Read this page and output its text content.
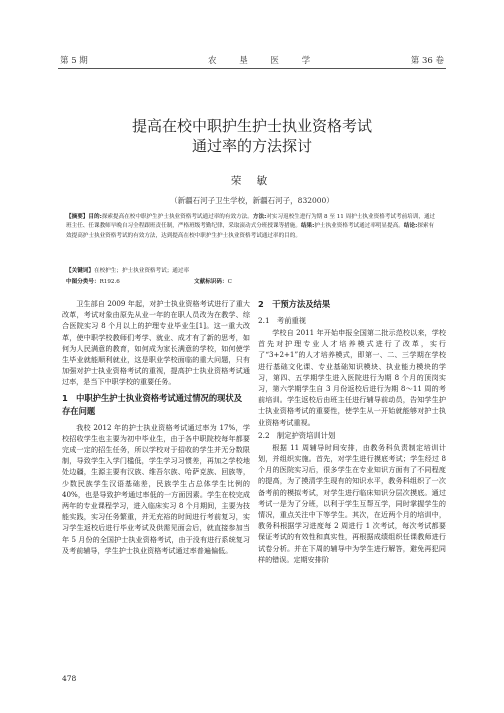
第 5 期	农 垦 医 学	第 36 卷
提高在校中职护生护士执业资格考试
通过率的方法探讨
荣 敏
（新疆石河子卫生学校，新疆石河子，832000）
【摘要】目的:探索提高在校中职护生护士执业资格考试通过率的有效方法。方法:对实习返校生进行为期 8 至 11 周护士执业资格考试考前培训，通过班主任、任课教师早晚自习全程跟班责任制，严格班级考勤纪律，采取滚动式分班授课等措施。结果:护士执业资格考试通过率明显提高。结论:探索有效提高护士执业资格考试的有效方法，达到提高在校中职护生护士执业资格考试通过率的目的。
【关键词】在校护生；护士执业资格考试；通过率
中图分类号：R192.6	文献标识码：C

卫生部自 2009 年起，对护士执业资格考试进行了重大改革，考试对象由原先从业一年的在职人员改为在教学、综合医院实习 8 个月以上的护理专业毕业生[1]。这一重大改革，使中职学校教师们考学、就业、成才有了新的思考，如何为人民满意的教育，如何成为家长满意的学校，如何使学生毕业就能顺利就业，这是职业学校面临的重大问题，只有加强对护士执业资格考试的重视，提高护士执业资格考试通过率，是当下中职学校的重要任务。

1　中职护生护士执业资格考试通过情况的现状及存在问题

我校 2012 年的护士执业资格考试通过率为 17%，学校招收学生也主要为初中毕业生，由于各中职院校每年都要完成一定的招生任务，所以学校对于招收的学生并无分数限制，导致学生入学门槛低，学生学习习惯差，再加之学校地处边疆，生源主要有汉族、维吾尔族、哈萨克族、回族等，少数民族学生汉语基础差，民族学生占总体学生比例的 40%，也是导致护考通过率低的一方面因素。学生在校完成两年的专业课程学习，进入临床实习 8 个月期间，主要为技能实践，实习任务繁重，并无充裕的时间进行考前复习，实习学生返校后进行毕业考试及供需见面会后，就直接参加当年 5 月份的全国护士执业资格考试，由于没有进行系统复习及考前辅导，学生护士执业资格考试通过率普遍偏低。

2　干预方法及结果
2.1　考前重视

学校自 2011 年开始申报全国第二批示范校以来，学校首先对护理专业人才培养模式进行了改革，实行了“3+2+1”的人才培养模式，即第一、二、三学期在学校进行基础文化课、专业基础知识模块、执业能力模块的学习，第四、五学期学生进入医院进行为期 8 个月的顶岗实习，第六学期学生自 3 月份返校后进行为期 8～11 周的考前培训。学生返校后由班主任进行辅导前动员，告知学生护士执业资格考试的重要性，使学生从一开始就能够对护士执业资格考试重视。

2.2　制定护资培训计划

根据 11 周辅导时间安排，由教务科负责制定培训计划，并组织实施。首先，对学生进行摸底考试；学生经过 8 个月的医院实习后，很多学生在专业知识方面有了不同程度的提高，为了摸清学生现有的知识水平，教务科组织了一次备考前的模拟考试，对学生进行临床知识分层次摸底。通过考试一是为了分班，以利于学生互帮互学，同时掌握学生的情况，重点关注中下等学生。其次，在近两个月的培训中，教务科根据学习进度每 2 周进行 1 次考试，每次考试都要保证考试的有效性和真实性，再根据成绩组织任课教师进行试卷分析。并在下周的辅导中为学生进行解答，避免再犯同样的错误。定期安排阶

478
